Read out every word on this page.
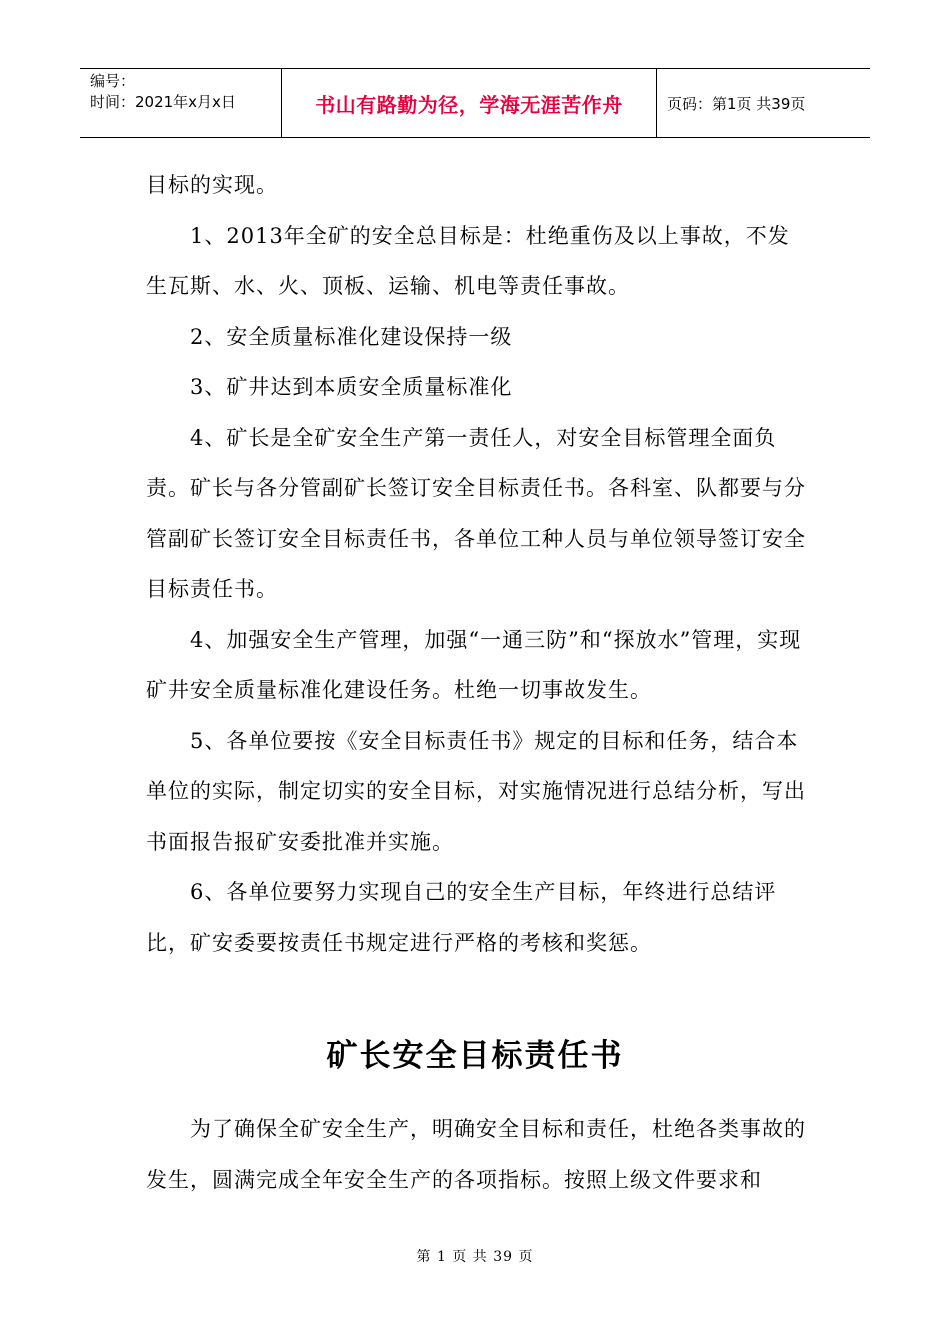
编号：
时间：2021年x月x日	书山有路勤为径，学海无涯苦作舟	页码：第1页 共39页

目标的实现。

1、2013年全矿的安全总目标是：杜绝重伤及以上事故，不发生瓦斯、水、火、顶板、运输、机电等责任事故。

2、安全质量标准化建设保持一级

3、矿井达到本质安全质量标准化

4、矿长是全矿安全生产第一责任人，对安全目标管理全面负责。矿长与各分管副矿长签订安全目标责任书。各科室、队都要与分管副矿长签订安全目标责任书，各单位工种人员与单位领导签订安全目标责任书。

4、加强安全生产管理，加强“一通三防”和“探放水”管理，实现矿井安全质量标准化建设任务。杜绝一切事故发生。

5、各单位要按《安全目标责任书》规定的目标和任务，结合本单位的实际，制定切实的安全目标，对实施情况进行总结分析，写出书面报告报矿安委批准并实施。

6、各单位要努力实现自己的安全生产目标，年终进行总结评比，矿安委要按责任书规定进行严格的考核和奖惩。

矿长安全目标责任书

为了确保全矿安全生产，明确安全目标和责任，杜绝各类事故的发生，圆满完成全年安全生产的各项指标。按照上级文件要求和

第 1 页 共 39 页
